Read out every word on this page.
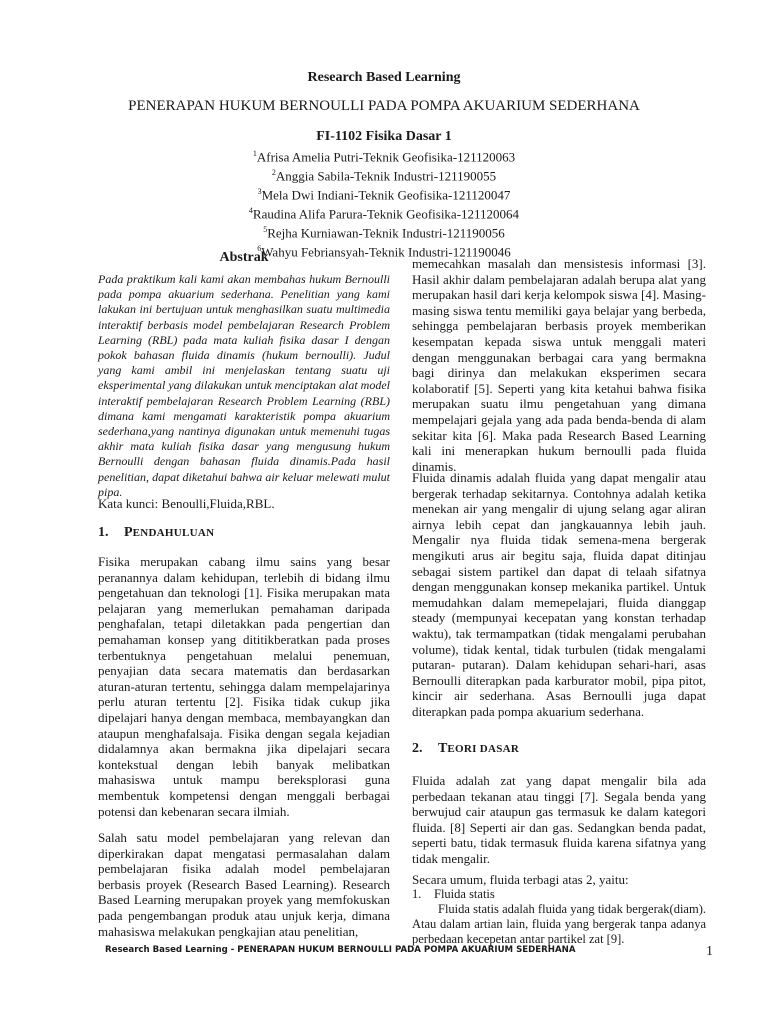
Research Based Learning
PENERAPAN HUKUM BERNOULLI PADA POMPA AKUARIUM SEDERHANA
FI-1102 Fisika Dasar 1
$^1$Afrisa Amelia Putri-Teknik Geofisika-121120063
$^2$Anggia Sabila-Teknik Industri-121190055
$^3$Mela Dwi Indiani-Teknik Geofisika-121120047
$^4$Raudina Alifa Parura-Teknik Geofisika-121120064
$^5$Rejha Kurniawan-Teknik Industri-121190056
$^6$Wahyu Febriansyah-Teknik Industri-121190046
Abstrak

Pada praktikum kali kami akan membahas hukum Bernoulli pada pompa akuarium sederhana. Penelitian yang kami lakukan ini bertujuan untuk menghasilkan suatu multimedia interaktif berbasis model pembelajaran Research Problem Learning (RBL) pada mata kuliah fisika dasar I dengan pokok bahasan fluida dinamis (hukum bernoulli). Judul yang kami ambil ini menjelaskan tentang suatu uji eksperimental yang dilakukan untuk menciptakan alat model interaktif pembelajaran Research Problem Learning (RBL) dimana kami mengamati karakteristik pompa akuarium sederhana,yang nantinya digunakan untuk memenuhi tugas akhir mata kuliah fisika dasar yang mengusung hukum Bernoulli dengan bahasan fluida dinamis.Pada hasil penelitian, dapat diketahui bahwa air keluar melewati mulut pipa.

Kata kunci: Benoulli,Fluida,RBL.

1. PENDAHULUAN

Fisika merupakan cabang ilmu sains yang besar peranannya dalam kehidupan, terlebih di bidang ilmu pengetahuan dan teknologi [1]. Fisika merupakan mata pelajaran yang memerlukan pemahaman daripada penghafalan, tetapi diletakkan pada pengertian dan pemahaman konsep yang dititikberatkan pada proses terbentuknya pengetahuan melalui penemuan, penyajian data secara matematis dan berdasarkan aturan-aturan tertentu, sehingga dalam mempelajarinya perlu aturan tertentu [2]. Fisika tidak cukup jika dipelajari hanya dengan membaca, membayangkan dan ataupun menghafalsaja. Fisika dengan segala kejadian didalamnya akan bermakna jika dipelajari secara kontekstual dengan lebih banyak melibatkan mahasiswa untuk mampu bereksplorasi guna membentuk kompetensi dengan menggali berbagai potensi dan kebenaran secara ilmiah.

Salah satu model pembelajaran yang relevan dan diperkirakan dapat mengatasi permasalahan dalam pembelajaran fisika adalah model pembelajaran berbasis proyek (Research Based Learning). Research Based Learning merupakan proyek yang memfokuskan pada pengembangan produk atau unjuk kerja, dimana mahasiswa melakukan pengkajian atau penelitian,

memecahkan masalah dan mensistesis informasi [3]. Hasil akhir dalam pembelajaran adalah berupa alat yang merupakan hasil dari kerja kelompok siswa [4]. Masing-masing siswa tentu memiliki gaya belajar yang berbeda, sehingga pembelajaran berbasis proyek memberikan kesempatan kepada siswa untuk menggali materi dengan menggunakan berbagai cara yang bermakna bagi dirinya dan melakukan eksperimen secara kolaboratif [5]. Seperti yang kita ketahui bahwa fisika merupakan suatu ilmu pengetahuan yang dimana mempelajari gejala yang ada pada benda-benda di alam sekitar kita [6]. Maka pada Research Based Learning kali ini menerapkan hukum bernoulli pada fluida dinamis.

Fluida dinamis adalah fluida yang dapat mengalir atau bergerak terhadap sekitarnya. Contohnya adalah ketika menekan air yang mengalir di ujung selang agar aliran airnya lebih cepat dan jangkauannya lebih jauh. Mengalir nya fluida tidak semena-mena bergerak mengikuti arus air begitu saja, fluida dapat ditinjau sebagai sistem partikel dan dapat di telaah sifatnya dengan menggunakan konsep mekanika partikel. Untuk memudahkan dalam memepelajari, fluida dianggap steady (mempunyai kecepatan yang konstan terhadap waktu), tak termampatkan (tidak mengalami perubahan volume), tidak kental, tidak turbulen (tidak mengalami putaran- putaran). Dalam kehidupan sehari-hari, asas Bernoulli diterapkan pada karburator mobil, pipa pitot, kincir air sederhana. Asas Bernoulli juga dapat diterapkan pada pompa akuarium sederhana.

2. TEORI DASAR

Fluida adalah zat yang dapat mengalir bila ada perbedaan tekanan atau tinggi [7]. Segala benda yang berwujud cair ataupun gas termasuk ke dalam kategori fluida. [8] Seperti air dan gas. Sedangkan benda padat, seperti batu, tidak termasuk fluida karena sifatnya yang tidak mengalir.

Secara umum, fluida terbagi atas 2, yaitu:

1. Fluida statis

Fluida statis adalah fluida yang tidak bergerak(diam). Atau dalam artian lain, fluida yang bergerak tanpa adanya perbedaan kecepetan antar partikel zat [9].

Research Based Learning - PENERAPAN HUKUM BERNOULLI PADA POMPA AKUARIUM SEDERHANA	1
